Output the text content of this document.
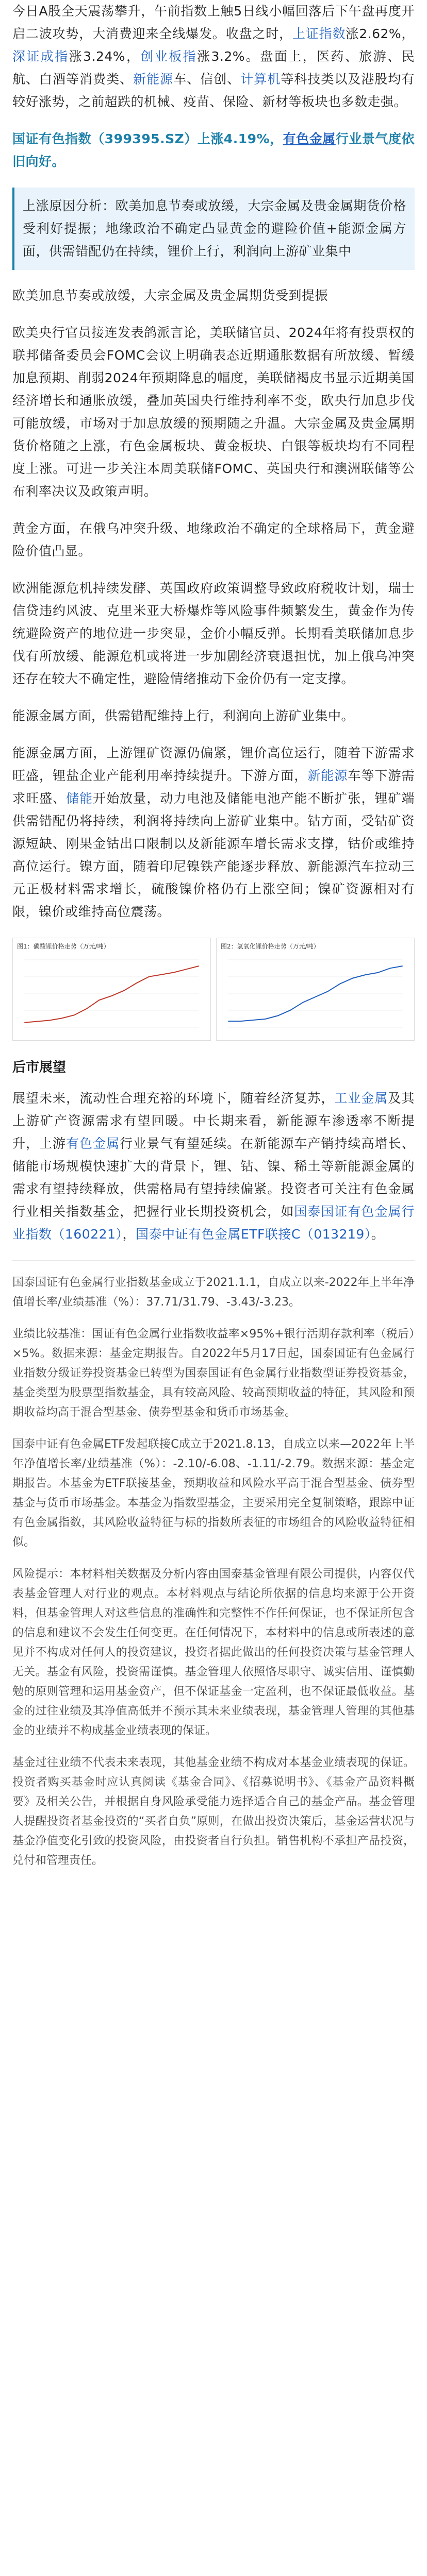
今日A股全天震荡攀升，午前指数上触5日线小幅回落后下午盘再度开启二波攻势，大消费迎来全线爆发。收盘之时，上证指数涨2.62%，深证成指涨3.24%，创业板指涨3.2%。盘面上，医药、旅游、民航、白酒等消费类、新能源车、信创、计算机等科技类以及港股均有较好涨势，之前超跌的机械、疫苗、保险、新材等板块也多数走强。

国证有色指数（399395.SZ）上涨4.19%，有色金属行业景气度依旧向好。

上涨原因分析：欧美加息节奏或放缓，大宗金属及贵金属期货价格受利好提振；地缘政治不确定凸显黄金的避险价值+能源金属方面，供需错配仍在持续，锂价上行，利润向上游矿业集中

欧美加息节奏或放缓，大宗金属及贵金属期货受到提振

欧美央行官员接连发表鸽派言论，美联储官员、2024年将有投票权的联邦储备委员会FOMC会议上明确表态近期通胀数据有所放缓、暂缓加息预期、削弱2024年预期降息的幅度，美联储褐皮书显示近期美国经济增长和通胀放缓，叠加英国央行维持利率不变，欧央行加息步伐可能放缓，市场对于加息放缓的预期随之升温。大宗金属及贵金属期货价格随之上涨，有色金属板块、黄金板块、白银等板块均有不同程度上涨。可进一步关注本周美联储FOMC、英国央行和澳洲联储等公布利率决议及政策声明。

黄金方面，在俄乌冲突升级、地缘政治不确定的全球格局下，黄金避险价值凸显。

欧洲能源危机持续发酵、英国政府政策调整导致政府税收计划，瑞士信贷违约风波、克里米亚大桥爆炸等风险事件频繁发生，黄金作为传统避险资产的地位进一步突显，金价小幅反弹。长期看美联储加息步伐有所放缓、能源危机或将进一步加剧经济衰退担忧，加上俄乌冲突还存在较大不确定性，避险情绪推动下金价仍有一定支撑。

能源金属方面，供需错配维持上行，利润向上游矿业集中。

能源金属方面，上游锂矿资源仍偏紧，锂价高位运行，随着下游需求旺盛，锂盐企业产能利用率持续提升。下游方面，新能源车等下游需求旺盛、储能开始放量，动力电池及储能电池产能不断扩张，锂矿端供需错配仍将持续，利润将持续向上游矿业集中。钴方面，受钴矿资源短缺、刚果金钴出口限制以及新能源车增长需求支撑，钴价或维持高位运行。镍方面，随着印尼镍铁产能逐步释放、新能源汽车拉动三元正极材料需求增长，硫酸镍价格仍有上涨空间；镍矿资源相对有限，镍价或维持高位震荡。

图1：碳酸锂价格走势（万元/吨）	图2：氢氧化锂价格走势（万元/吨）
后市展望

展望未来，流动性合理充裕的环境下，随着经济复苏，工业金属及其上游矿产资源需求有望回暖。中长期来看，新能源车渗透率不断提升，上游有色金属行业景气有望延续。在新能源车产销持续高增长、储能市场规模快速扩大的背景下，锂、钴、镍、稀土等新能源金属的需求有望持续释放，供需格局有望持续偏紧。投资者可关注有色金属行业相关指数基金，把握行业长期投资机会，如国泰国证有色金属行业指数（160221），国泰中证有色金属ETF联接C（013219）。

国泰国证有色金属行业指数基金成立于2021.1.1，自成立以来-2022年上半年净值增长率/业绩基准（%）：37.71/31.79、-3.43/-3.23。

业绩比较基准：国证有色金属行业指数收益率×95%+银行活期存款利率（税后）×5%。数据来源：基金定期报告。自2022年5月17日起，国泰国证有色金属行业指数分级证券投资基金已转型为国泰国证有色金属行业指数型证券投资基金，基金类型为股票型指数基金，具有较高风险、较高预期收益的特征，其风险和预期收益均高于混合型基金、债券型基金和货币市场基金。

国泰中证有色金属ETF发起联接C成立于2021.8.13，自成立以来—2022年上半年净值增长率/业绩基准（%）：-2.10/-6.08、-1.11/-2.79。数据来源：基金定期报告。本基金为ETF联接基金，预期收益和风险水平高于混合型基金、债券型基金与货币市场基金。本基金为指数型基金，主要采用完全复制策略，跟踪中证有色金属指数，其风险收益特征与标的指数所表征的市场组合的风险收益特征相似。

风险提示：本材料相关数据及分析内容由国泰基金管理有限公司提供，内容仅代表基金管理人对行业的观点。本材料观点与结论所依据的信息均来源于公开资料，但基金管理人对这些信息的准确性和完整性不作任何保证，也不保证所包含的信息和建议不会发生任何变更。在任何情况下，本材料中的信息或所表述的意见并不构成对任何人的投资建议，投资者据此做出的任何投资决策与基金管理人无关。基金有风险，投资需谨慎。基金管理人依照恪尽职守、诚实信用、谨慎勤勉的原则管理和运用基金资产，但不保证基金一定盈利，也不保证最低收益。基金的过往业绩及其净值高低并不预示其未来业绩表现，基金管理人管理的其他基金的业绩并不构成基金业绩表现的保证。

基金过往业绩不代表未来表现，其他基金业绩不构成对本基金业绩表现的保证。投资者购买基金时应认真阅读《基金合同》、《招募说明书》、《基金产品资料概要》及相关公告，并根据自身风险承受能力选择适合自己的基金产品。基金管理人提醒投资者基金投资的“买者自负”原则，在做出投资决策后，基金运营状况与基金净值变化引致的投资风险，由投资者自行负担。销售机构不承担产品投资，兑付和管理责任。
